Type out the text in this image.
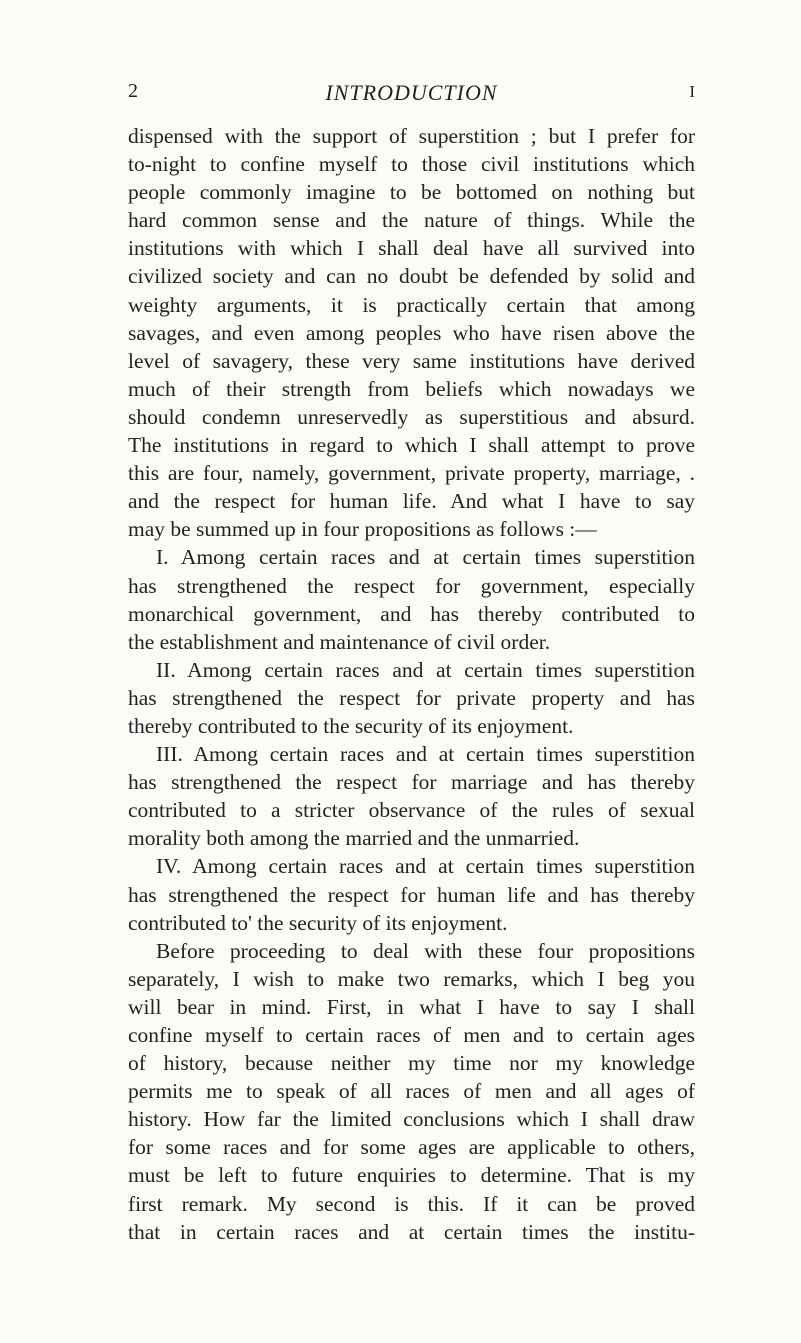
2	INTRODUCTION	I
dispensed with the support of superstition ; but I prefer for
to-night to confine myself to those civil institutions which
people commonly imagine to be bottomed on nothing but
hard common sense and the nature of things. While the
institutions with which I shall deal have all survived into
civilized society and can no doubt be defended by solid and
weighty arguments, it is practically certain that among
savages, and even among peoples who have risen above the
level of savagery, these very same institutions have derived
much of their strength from beliefs which nowadays we
should condemn unreservedly as superstitious and absurd.
The institutions in regard to which I shall attempt to prove
this are four, namely, government, private property, marriage, .
and the respect for human life. And what I have to say
may be summed up in four propositions as follows :—
I. Among certain races and at certain times superstition
has strengthened the respect for government, especially
monarchical government, and has thereby contributed to
the establishment and maintenance of civil order.
II. Among certain races and at certain times superstition
has strengthened the respect for private property and has
thereby contributed to the security of its enjoyment.
III. Among certain races and at certain times superstition
has strengthened the respect for marriage and has thereby
contributed to a stricter observance of the rules of sexual
morality both among the married and the unmarried.
IV. Among certain races and at certain times superstition
has strengthened the respect for human life and has thereby
contributed to' the security of its enjoyment.
Before proceeding to deal with these four propositions
separately, I wish to make two remarks, which I beg you
will bear in mind. First, in what I have to say I shall
confine myself to certain races of men and to certain ages
of history, because neither my time nor my knowledge
permits me to speak of all races of men and all ages of
history. How far the limited conclusions which I shall draw
for some races and for some ages are applicable to others,
must be left to future enquiries to determine. That is my
first remark. My second is this. If it can be proved
that in certain races and at certain times the institu-
